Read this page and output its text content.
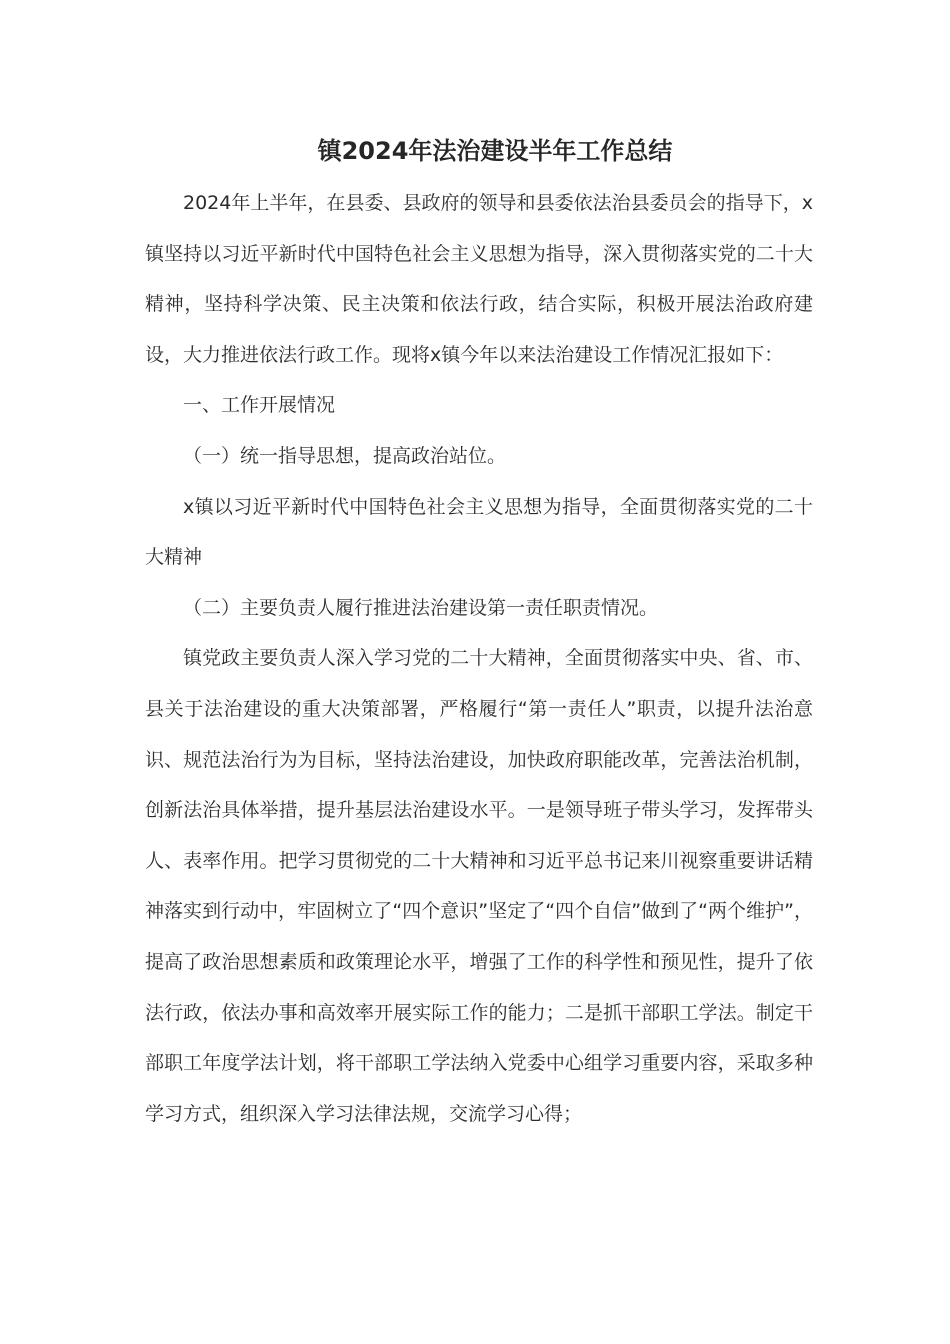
镇2024年法治建设半年工作总结

2024年上半年，在县委、县政府的领导和县委依法治县委员会的指导下，x镇坚持以习近平新时代中国特色社会主义思想为指导，深入贯彻落实党的二十大精神，坚持科学决策、民主决策和依法行政，结合实际，积极开展法治政府建设，大力推进依法行政工作。现将x镇今年以来法治建设工作情况汇报如下：

一、工作开展情况

（一）统一指导思想，提高政治站位。

x镇以习近平新时代中国特色社会主义思想为指导，全面贯彻落实党的二十大精神

（二）主要负责人履行推进法治建设第一责任职责情况。

镇党政主要负责人深入学习党的二十大精神，全面贯彻落实中央、省、市、县关于法治建设的重大决策部署，严格履行“第一责任人”职责，以提升法治意识、规范法治行为为目标，坚持法治建设，加快政府职能改革，完善法治机制，创新法治具体举措，提升基层法治建设水平。一是领导班子带头学习，发挥带头人、表率作用。把学习贯彻党的二十大精神和习近平总书记来川视察重要讲话精神落实到行动中，牢固树立了“四个意识”坚定了“四个自信”做到了“两个维护”，提高了政治思想素质和政策理论水平，增强了工作的科学性和预见性，提升了依法行政，依法办事和高效率开展实际工作的能力；二是抓干部职工学法。制定干部职工年度学法计划，将干部职工学法纳入党委中心组学习重要内容，采取多种学习方式，组织深入学习法律法规，交流学习心得；
